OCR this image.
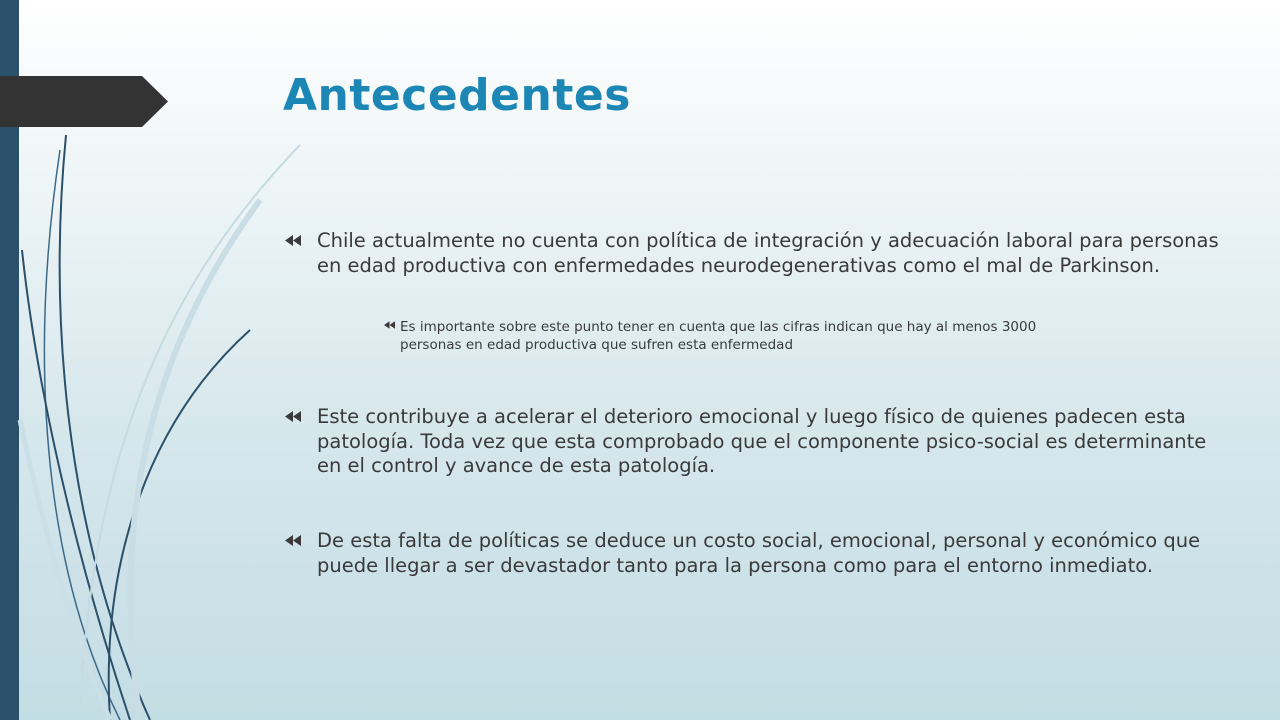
Antecedentes
Chile actualmente no cuenta con política de integración y adecuación laboral para personas en edad productiva con enfermedades neurodegenerativas como el mal de Parkinson.
Es importante sobre este punto tener en cuenta que las cifras indican que hay al menos 3000 personas en edad productiva que sufren esta enfermedad
Este contribuye a acelerar el deterioro emocional y luego físico de quienes padecen esta patología. Toda vez que esta comprobado que el componente psico-social es determinante en el control y avance de esta patología.
De esta falta de políticas se deduce un costo social, emocional, personal y económico que puede llegar a ser devastador tanto para la persona como para el entorno inmediato.
